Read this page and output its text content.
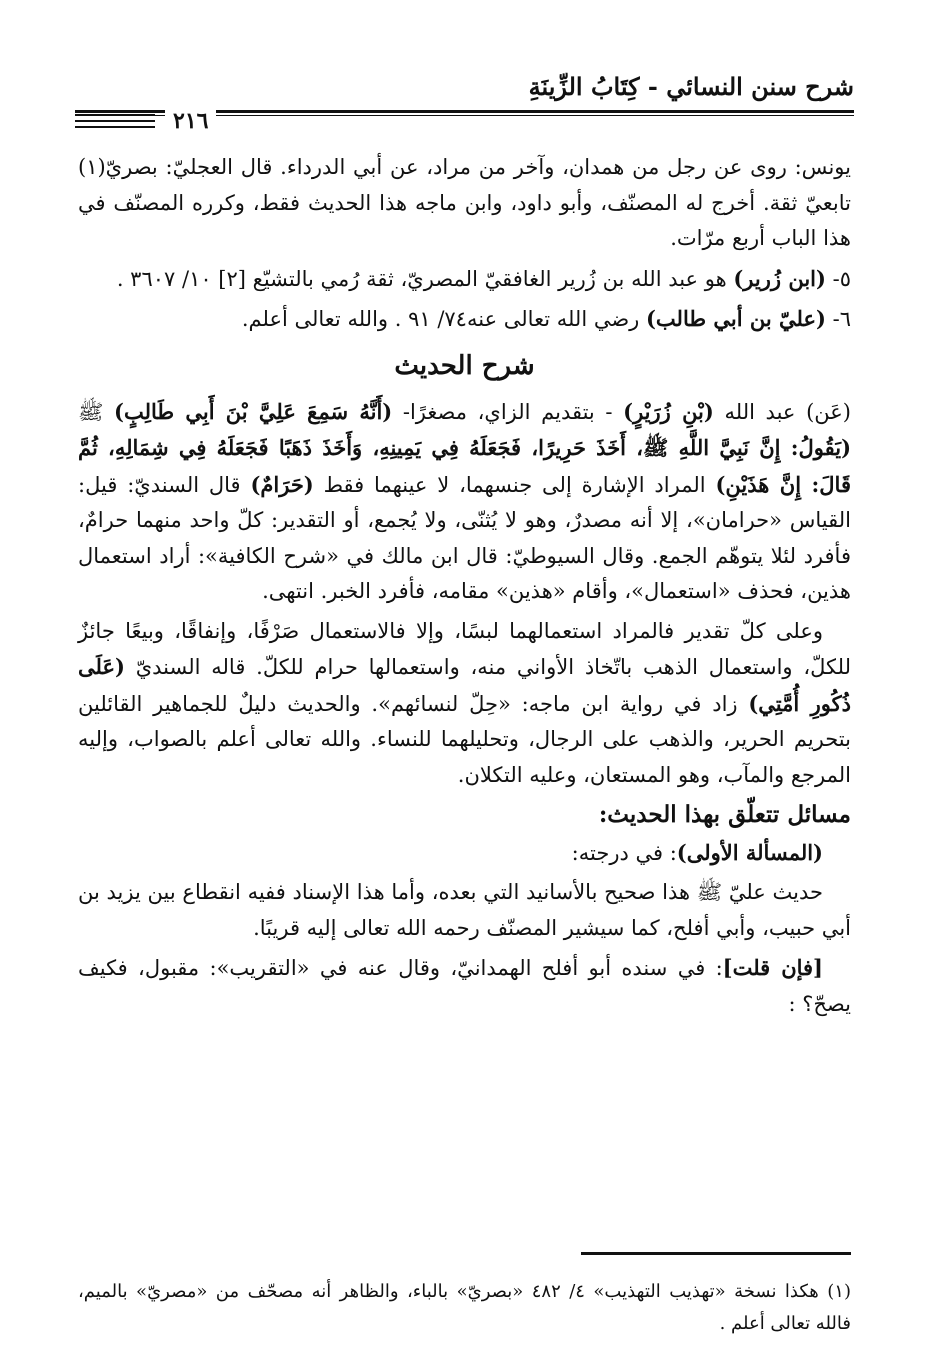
شرح سنن النسائي - كِتَابُ الزِّينَةِ
٢١٦

يونس: روى عن رجل من همدان، وآخر من مراد، عن أبي الدرداء. قال العجليّ: بصريّ(١) تابعيّ ثقة. أخرج له المصنّف، وأبو داود، وابن ماجه هذا الحديث فقط، وكرره المصنّف في هذا الباب أربع مرّات.

٥- (ابن زُرير) هو عبد الله بن زُرير الغافقيّ المصريّ، ثقة رُمي بالتشيّع [٢] ١٠/ ٣٦٠٧ .

٦- (عليّ بن أبي طالب) رضي الله تعالى عنه٧٤/ ٩١ . والله تعالى أعلم.

شرح الحديث

(عَن) عبد الله (بْنِ زُرَيْرٍ) - بتقديم الزاي، مصغرًا- (أَنَّهُ سَمِعَ عَلِيَّ بْنَ أَبِي طَالِبٍ) ﷺ (يَقُولُ: إِنَّ نَبِيَّ اللَّهِ ﷺ، أَخَذَ حَرِيرًا، فَجَعَلَهُ فِي يَمِينِهِ، وَأَخَذَ ذَهَبًا فَجَعَلَهُ فِي شِمَالِهِ، ثُمَّ قَالَ: إِنَّ هَذَيْنِ) المراد الإشارة إلى جنسهما، لا عينهما فقط (حَرَامٌ) قال السنديّ: قيل: القياس «حرامان»، إلا أنه مصدرٌ، وهو لا يُثنّى، ولا يُجمع، أو التقدير: كلّ واحد منهما حرامٌ، فأفرد لئلا يتوهّم الجمع. وقال السيوطيّ: قال ابن مالك في «شرح الكافية»: أراد استعمال هذين، فحذف «استعمال»، وأقام «هذين» مقامه، فأفرد الخبر. انتهى.

وعلى كلّ تقدير فالمراد استعمالهما لبسًا، وإلا فالاستعمال صَرْفًا، وإنفاقًا، وبيعًا جائزٌ للكلّ، واستعمال الذهب باتّخاذ الأواني منه، واستعمالها حرام للكلّ. قاله السنديّ (عَلَى ذُكُورِ أُمَّتِي) زاد في رواية ابن ماجه: «حِلّ لنسائهم». والحديث دليلٌ للجماهير القائلين بتحريم الحرير، والذهب على الرجال، وتحليلهما للنساء. والله تعالى أعلم بالصواب، وإليه المرجع والمآب، وهو المستعان، وعليه التكلان.

مسائل تتعلّق بهذا الحديث:

(المسألة الأولى): في درجته:

حديث عليّ ﷺ هذا صحيح بالأسانيد التي بعده، وأما هذا الإسناد ففيه انقطاع بين يزيد بن أبي حبيب، وأبي أفلح، كما سيشير المصنّف رحمه الله تعالى إليه قريبًا.

[فإن قلت]: في سنده أبو أفلح الهمدانيّ، وقال عنه في «التقريب»: مقبول، فكيف يصحّ؟ :

(١) هكذا نسخة «تهذيب التهذيب» ٤/ ٤٨٢ «بصريّ» بالباء، والظاهر أنه مصحّف من «مصريّ» بالميم، فالله تعالى أعلم .
